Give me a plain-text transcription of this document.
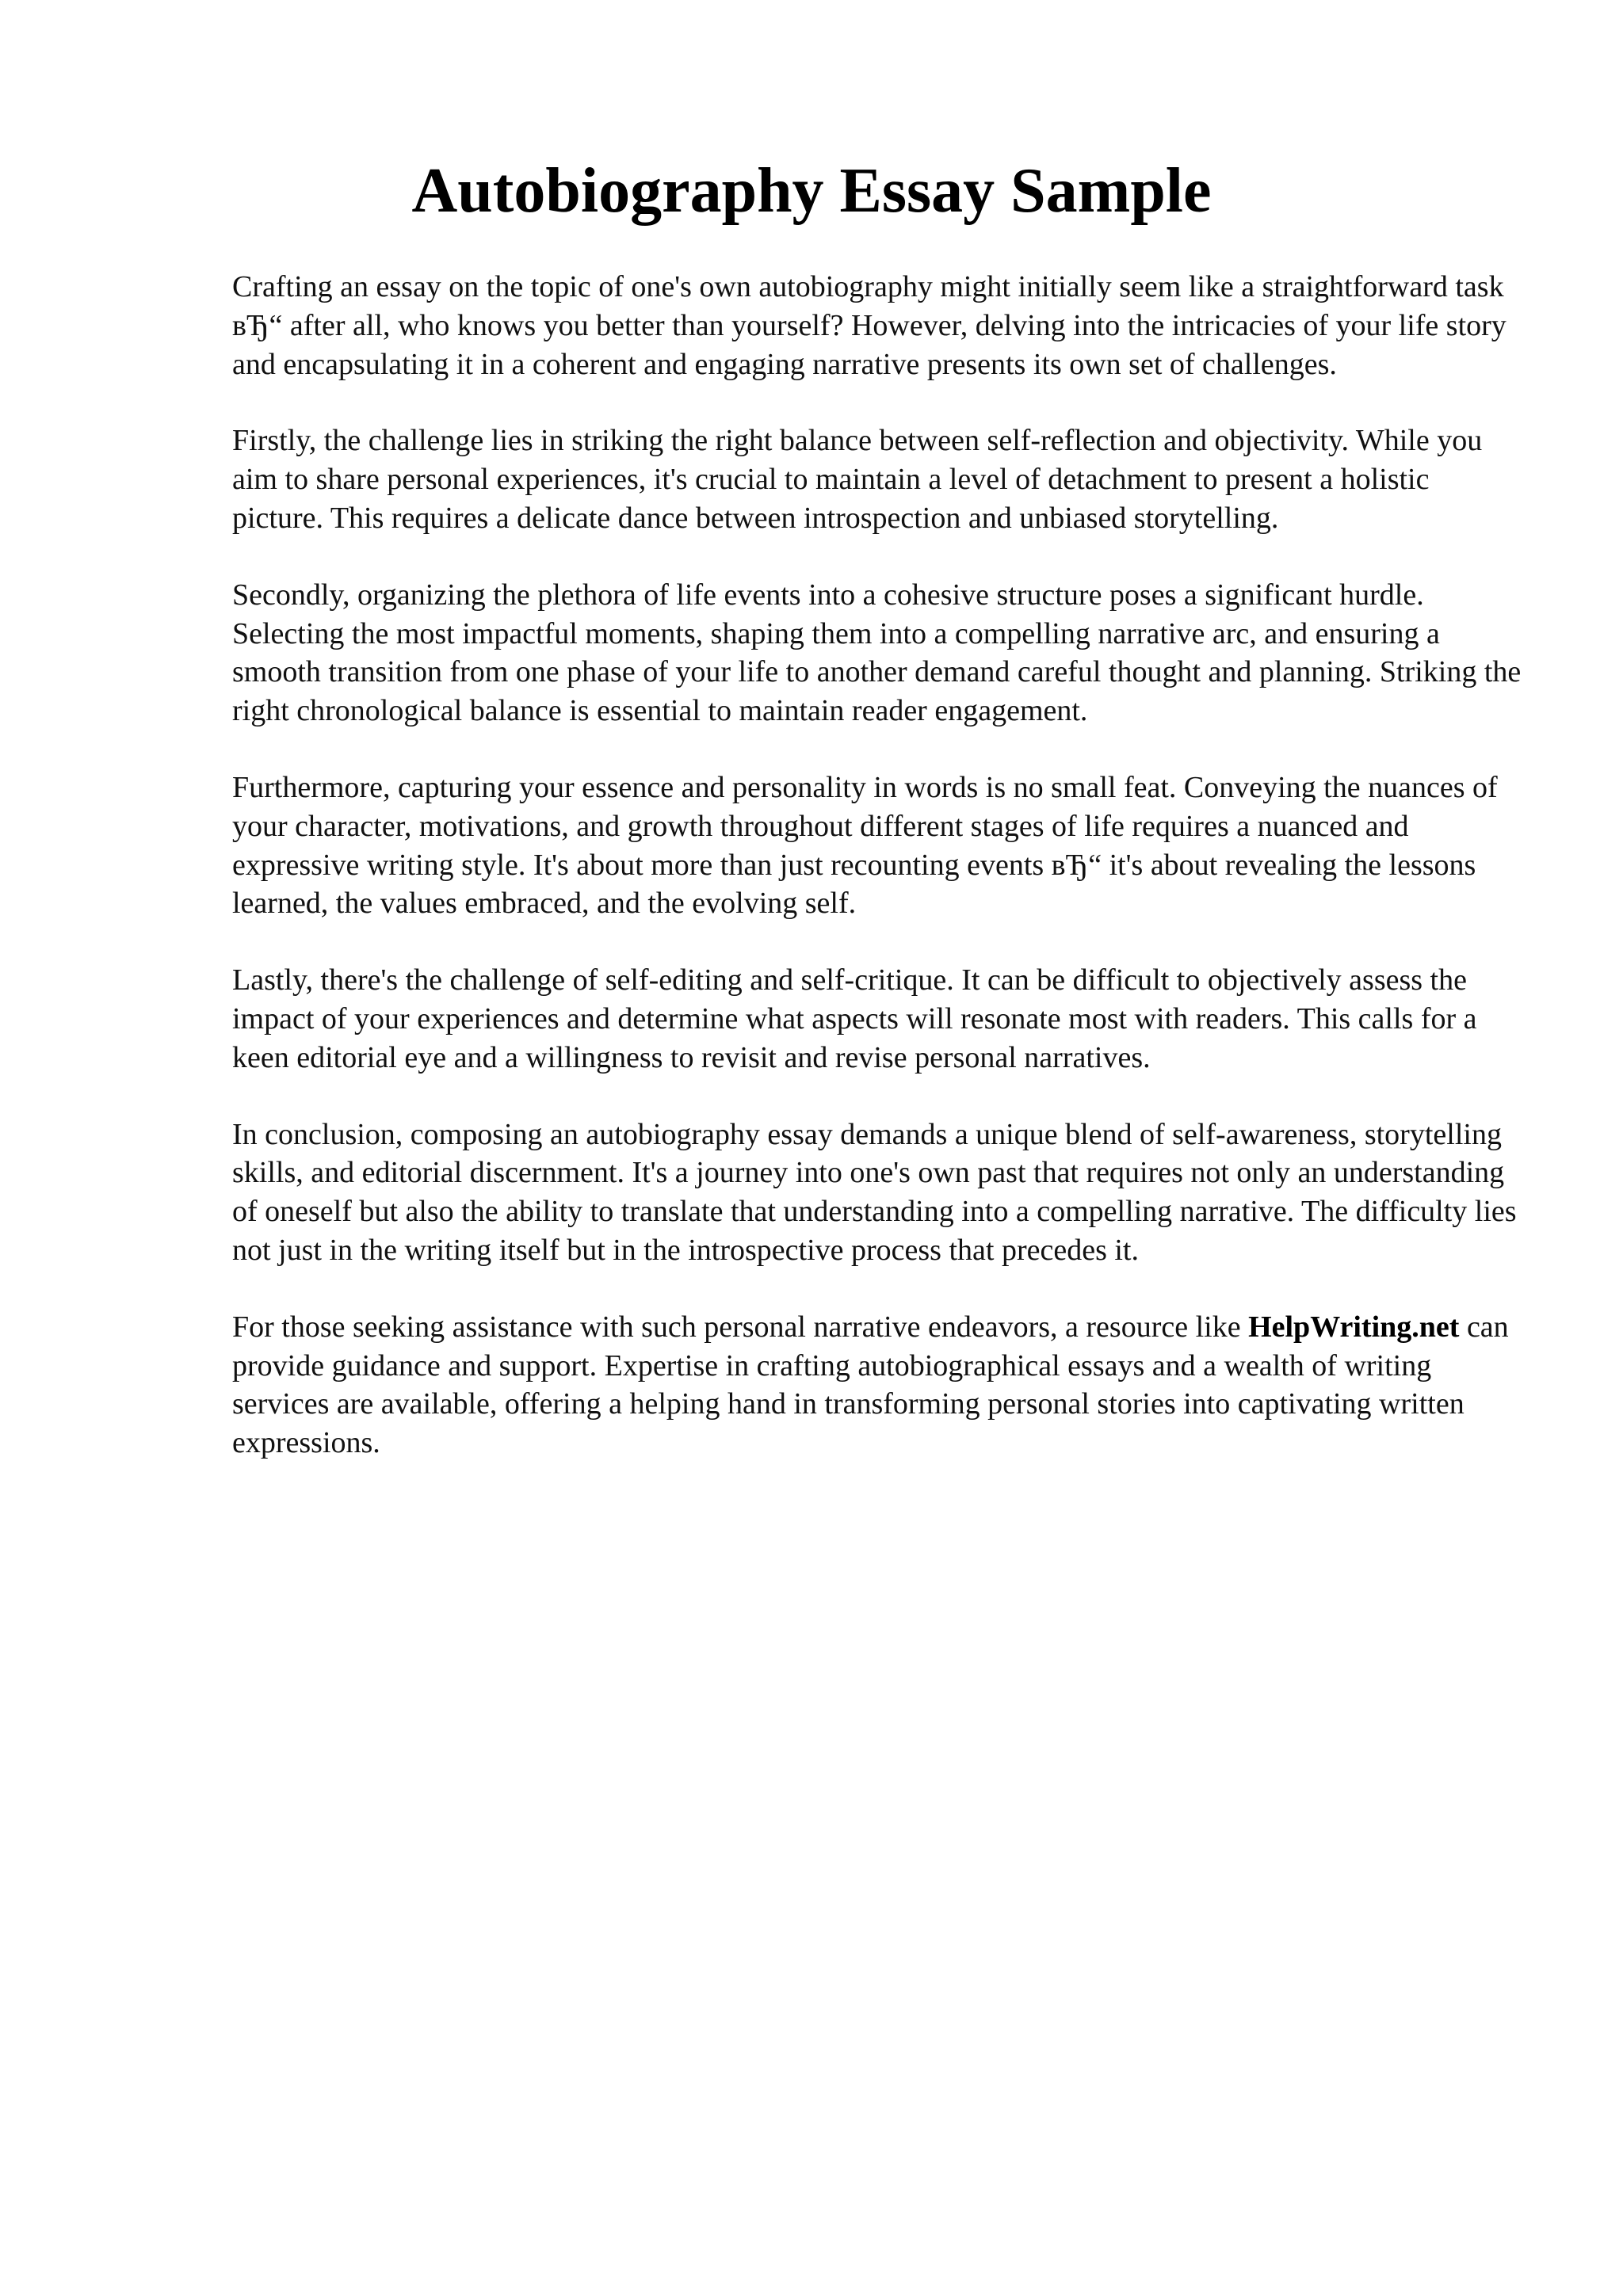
Autobiography Essay Sample

Crafting an essay on the topic of one's own autobiography might initially seem like a straightforward task вЂ“ after all, who knows you better than yourself? However, delving into the intricacies of your life story and encapsulating it in a coherent and engaging narrative presents its own set of challenges.

Firstly, the challenge lies in striking the right balance between self-reflection and objectivity. While you aim to share personal experiences, it's crucial to maintain a level of detachment to present a holistic picture. This requires a delicate dance between introspection and unbiased storytelling.

Secondly, organizing the plethora of life events into a cohesive structure poses a significant hurdle. Selecting the most impactful moments, shaping them into a compelling narrative arc, and ensuring a smooth transition from one phase of your life to another demand careful thought and planning. Striking the right chronological balance is essential to maintain reader engagement.

Furthermore, capturing your essence and personality in words is no small feat. Conveying the nuances of your character, motivations, and growth throughout different stages of life requires a nuanced and expressive writing style. It's about more than just recounting events вЂ“ it's about revealing the lessons learned, the values embraced, and the evolving self.

Lastly, there's the challenge of self-editing and self-critique. It can be difficult to objectively assess the impact of your experiences and determine what aspects will resonate most with readers. This calls for a keen editorial eye and a willingness to revisit and revise personal narratives.

In conclusion, composing an autobiography essay demands a unique blend of self-awareness, storytelling skills, and editorial discernment. It's a journey into one's own past that requires not only an understanding of oneself but also the ability to translate that understanding into a compelling narrative. The difficulty lies not just in the writing itself but in the introspective process that precedes it.

For those seeking assistance with such personal narrative endeavors, a resource like HelpWriting.net can provide guidance and support. Expertise in crafting autobiographical essays and a wealth of writing services are available, offering a helping hand in transforming personal stories into captivating written expressions.
